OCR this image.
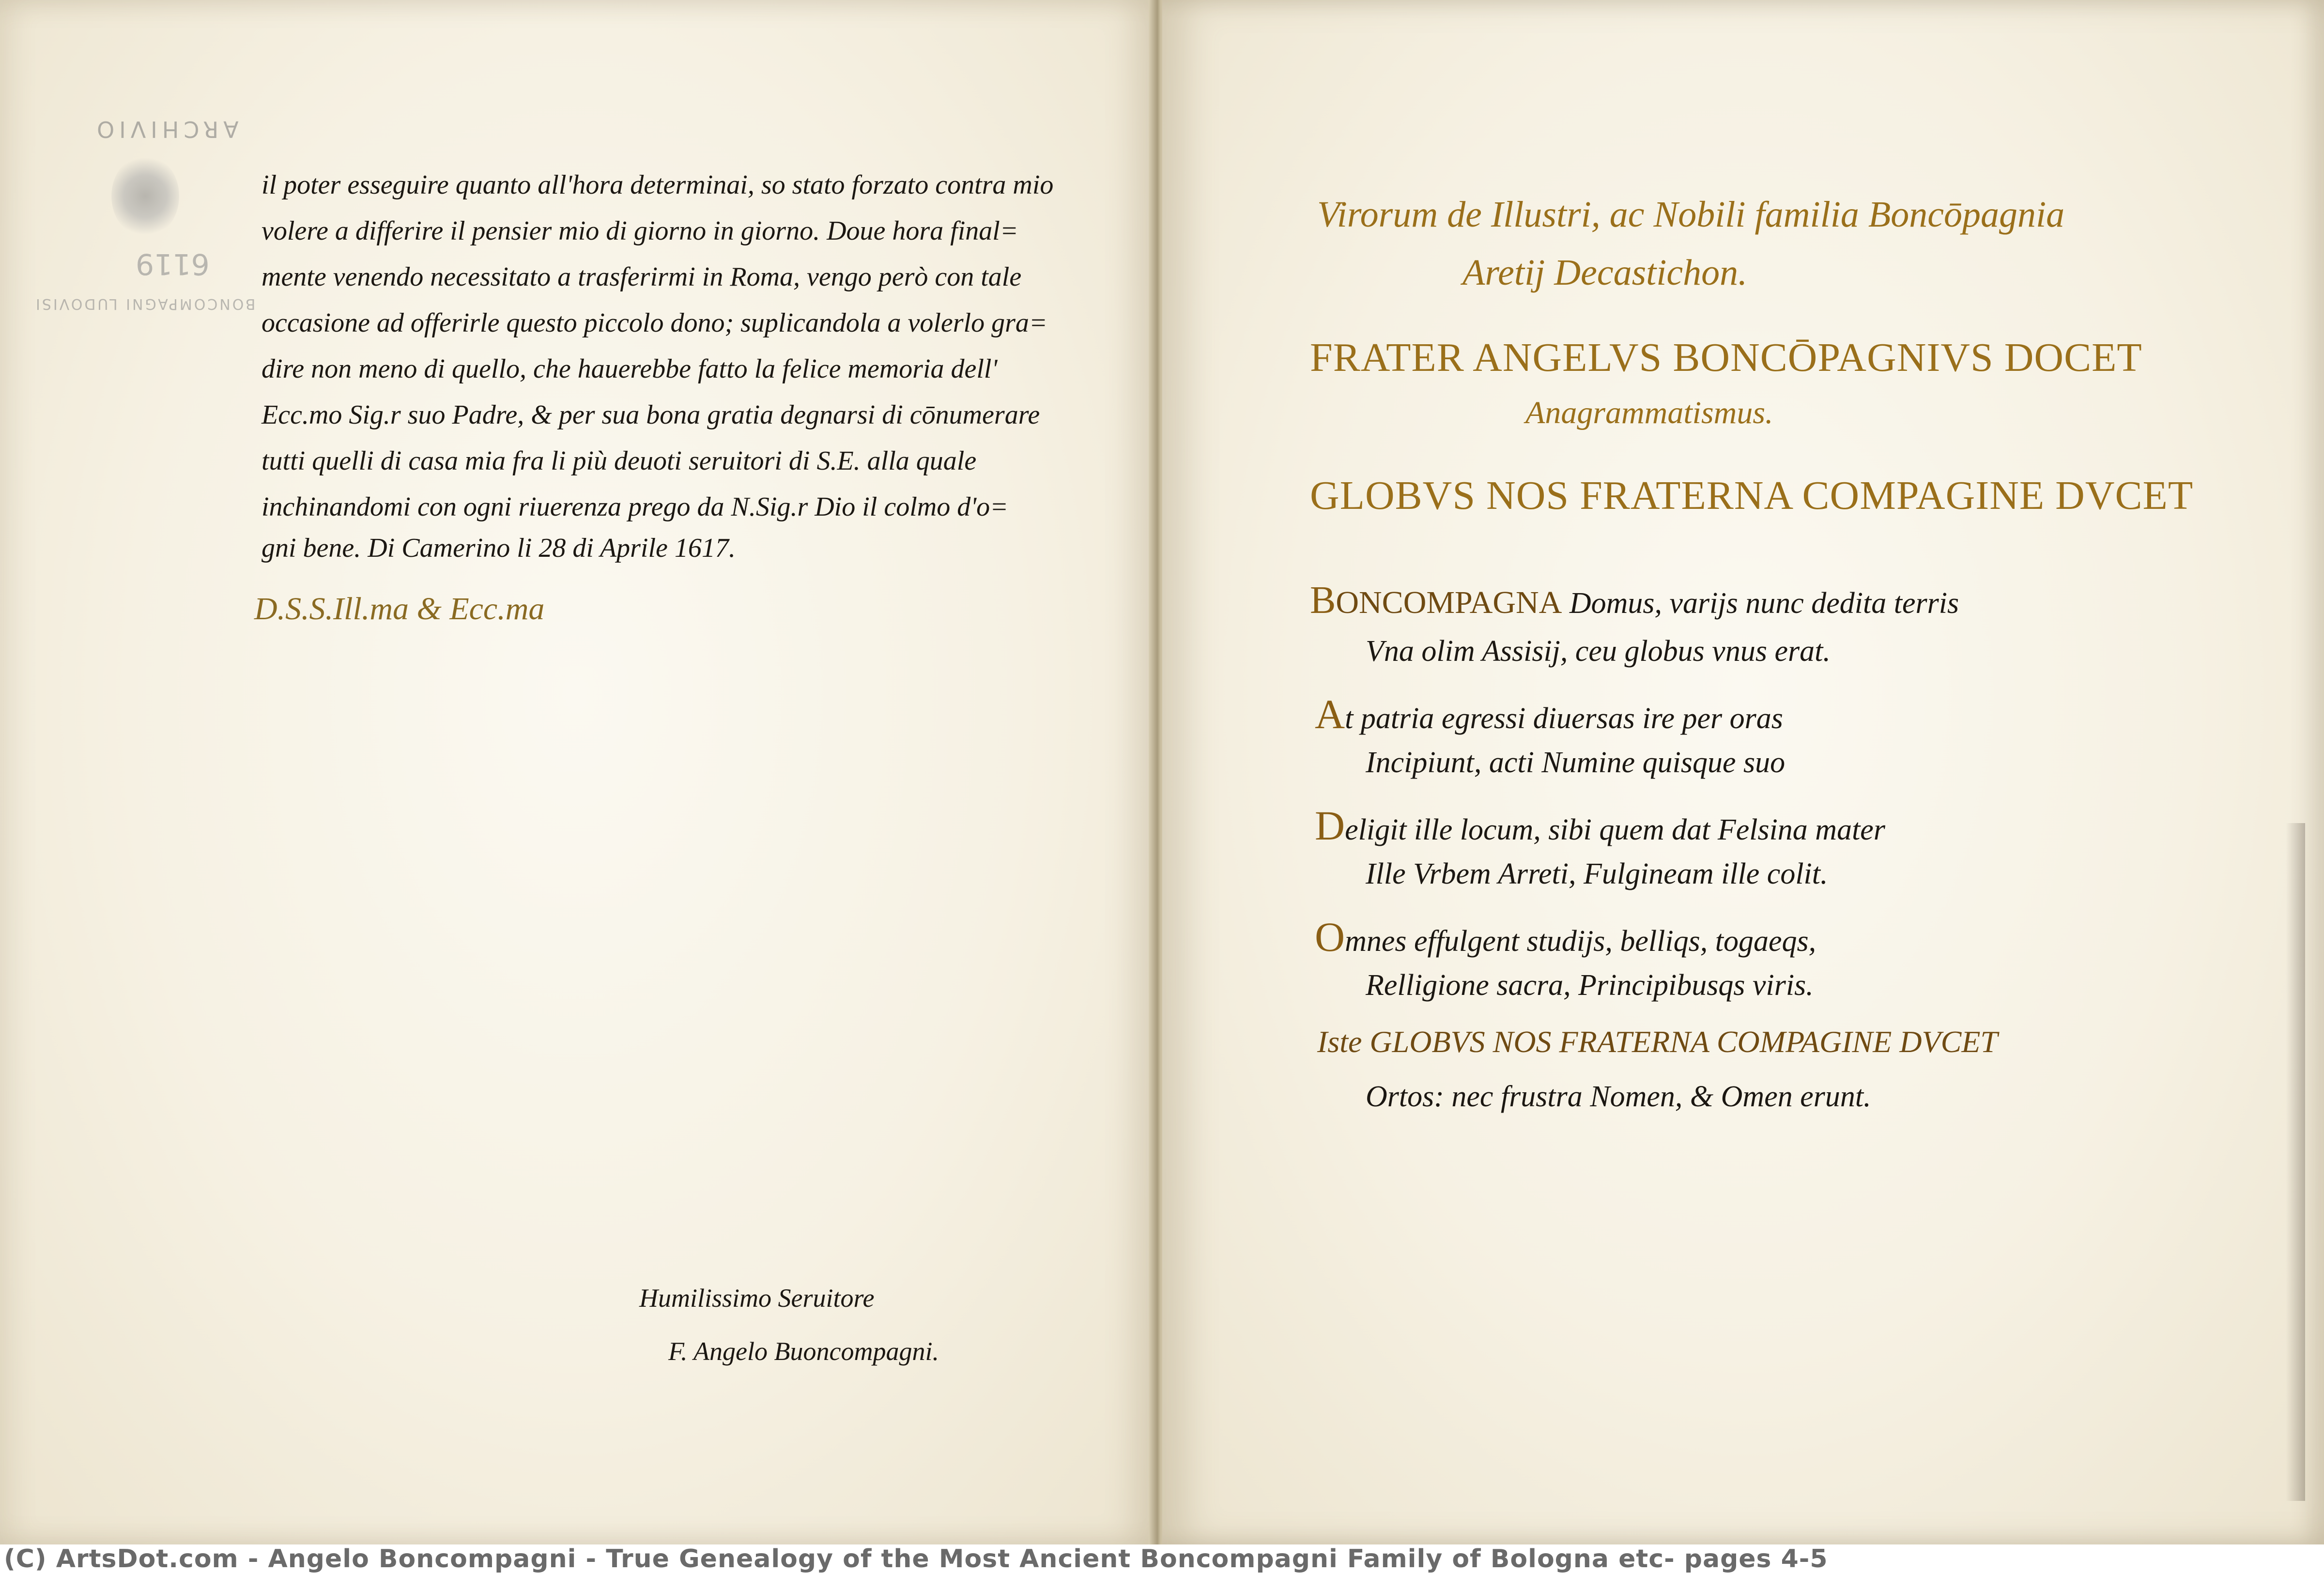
ARCHIVIO
6119
BONCOMPAGNI LUDOVISI
il poter esseguire quanto all'hora determinai, so stato forzato contra mio
volere a differire il pensier mio di giorno in giorno. Doue hora final=
mente venendo necessitato a trasferirmi in Roma, vengo però con tale
occasione ad offerirle questo piccolo dono; suplicandola a volerlo gra=
dire non meno di quello, che hauerebbe fatto la felice memoria dell'
Ecc.mo Sig.r suo Padre, & per sua bona gratia degnarsi di cōnumerare
tutti quelli di casa mia fra li più deuoti seruitori di S.E. alla quale
inchinandomi con ogni riuerenza prego da N.Sig.r Dio il colmo d'o=
gni bene. Di Camerino li 28 di Aprile 1617.
D.S.S.Ill.ma & Ecc.ma
Humilissimo Seruitore
F. Angelo Buoncompagni.
Virorum de Illustri, ac Nobili familia Boncōpagnia
Aretij Decastichon.
FRATER ANGELVS BONCŌPAGNIVS DOCET
Anagrammatismus.
GLOBVS NOS FRATERNA COMPAGINE DVCET
BONCOMPAGNA Domus, varijs nunc dedita terris
Vna olim Assisij, ceu globus vnus erat.
At patria egressi diuersas ire per oras
Incipiunt, acti Numine quisque suo
Deligit ille locum, sibi quem dat Felsina mater
Ille Vrbem Arreti, Fulgineam ille colit.
Omnes effulgent studijs, belliqs, togaeqs,
Relligione sacra, Principibusqs viris.
Iste GLOBVS NOS FRATERNA COMPAGINE DVCET
Ortos: nec frustra Nomen, & Omen erunt.
(C) ArtsDot.com - Angelo Boncompagni - True Genealogy of the Most Ancient Boncompagni Family of Bologna etc- pages 4-5
